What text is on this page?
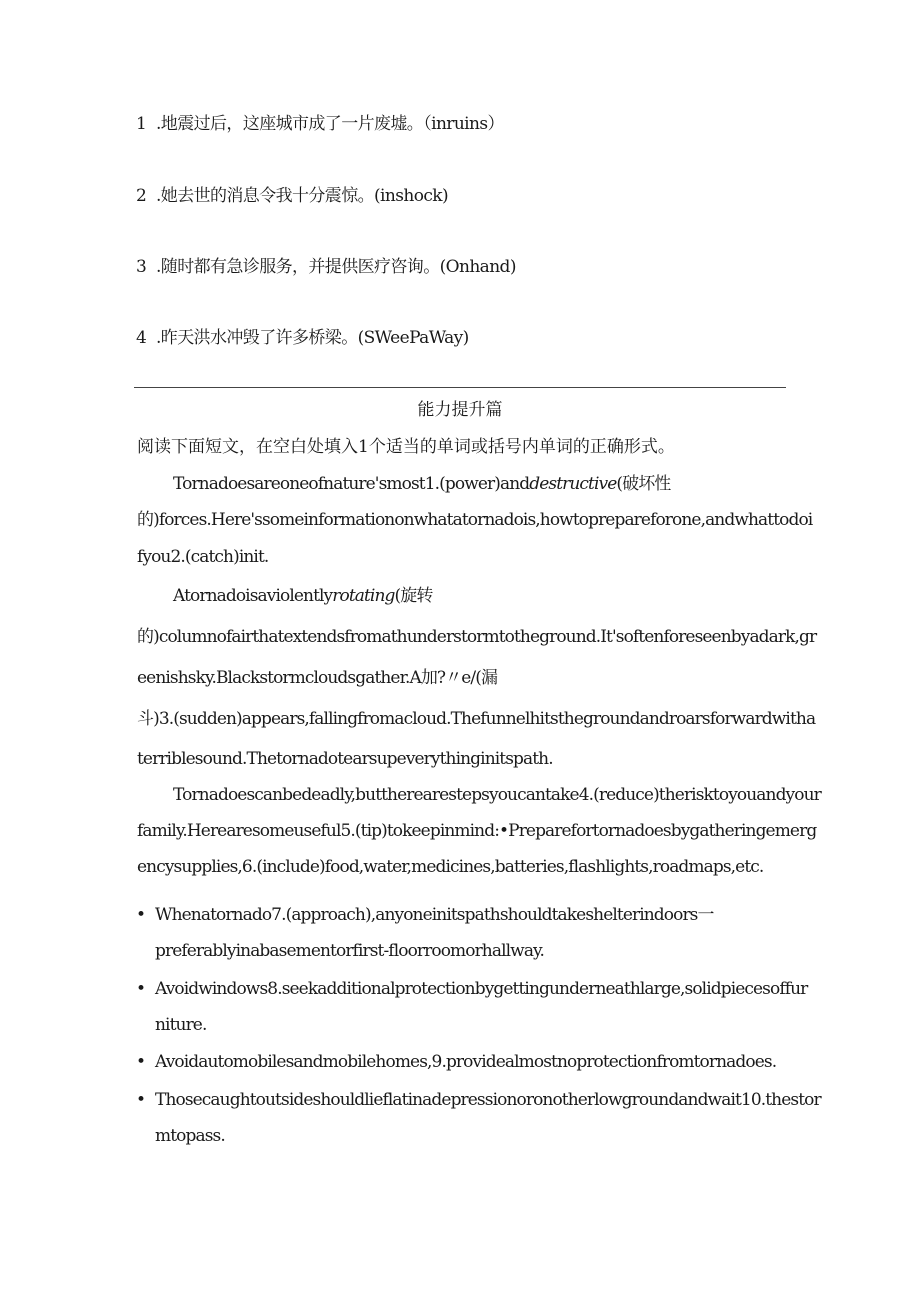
1 .地震过后，这座城市成了一片废墟。（inruins）
2 .她去世的消息令我十分震惊。(inshock)
3 .随时都有急诊服务，并提供医疗咨询。(Onhand)
4 .昨天洪水冲毁了许多桥梁。(SWeePaWay)
能力提升篇
阅读下面短文，在空白处填入1个适当的单词或括号内单词的正确形式。
Tornadoesareoneofnature'smost1.(power)anddestructive(破坏性
的)forces.Here'ssomeinformationonwhatatornadois,howtoprepareforone,andwhattodoi
fyou2.(catch)init.
Atornadoisaviolentlyrotating(旋转
的)columnofairthatextendsfromathunderstormtotheground.It'softenforeseenbyadark,gr
eenishsky.Blackstormcloudsgather.A加?〃e/(漏
斗)3.(sudden)appears,fallingfromacloud.Thefunnelhitsthegroundandroarsforwardwitha
terriblesound.Thetornadotearsupeverythinginitspath.
Tornadoescanbedeadly,buttherearestepsyoucantake4.(reduce)therisktoyouandyour
family.Herearesomeuseful5.(tip)tokeepinmind:•Preparefortornadoesbygatheringemerg
encysupplies,6.(include)food,water,medicines,batteries,flashlights,roadmaps,etc.
• Whenatornado7.(approach),anyoneinitspathshouldtakeshelterindoors一
preferablyinabasementorfirst-floorroomorhallway.
• Avoidwindows8.seekadditionalprotectionbygettingunderneathlarge,solidpiecesoffur
niture.
• Avoidautomobilesandmobilehomes,9.providealmostnoprotectionfromtornadoes.
• Thosecaughtoutsideshouldlieflatinadepressionoronotherlowgroundandwait10.thestor
mtopass.
